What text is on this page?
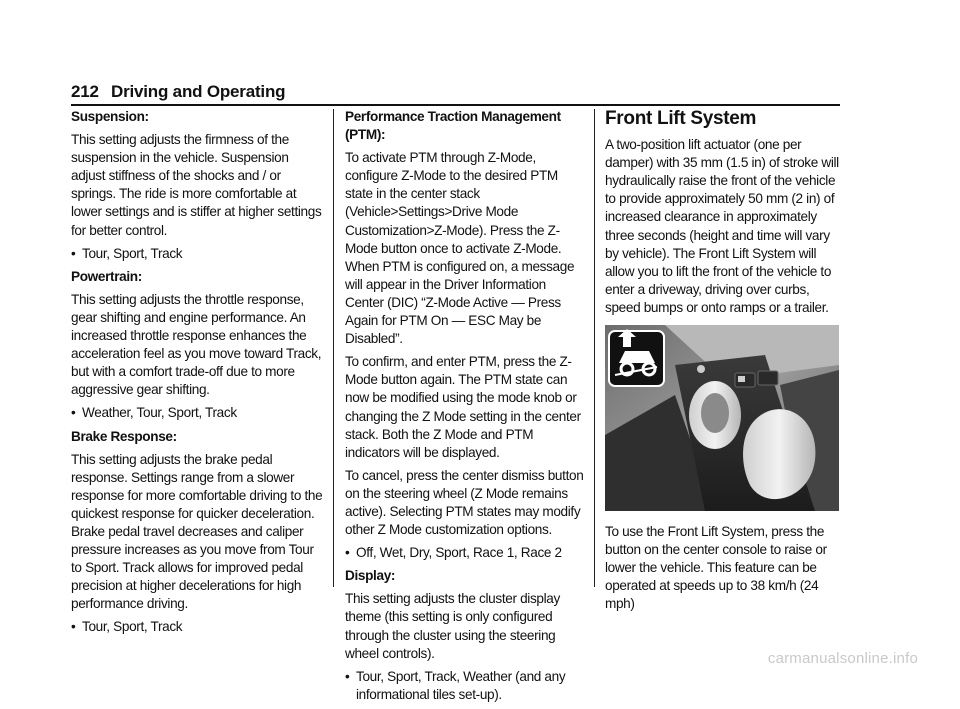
212 Driving and Operating

Suspension:

This setting adjusts the firmness of the suspension in the vehicle. Suspension adjust stiffness of the shocks and / or springs. The ride is more comfortable at lower settings and is stiffer at higher settings for better control.

• Tour, Sport, Track

Powertrain:

This setting adjusts the throttle response, gear shifting and engine performance. An increased throttle response enhances the acceleration feel as you move toward Track, but with a comfort trade-off due to more aggressive gear shifting.

• Weather, Tour, Sport, Track

Brake Response:

This setting adjusts the brake pedal response. Settings range from a slower response for more comfortable driving to the quickest response for quicker deceleration. Brake pedal travel decreases and caliper pressure increases as you move from Tour to Sport. Track allows for improved pedal precision at higher decelerations for high performance driving.

• Tour, Sport, Track

Performance Traction Management (PTM):

To activate PTM through Z-Mode, configure Z-Mode to the desired PTM state in the center stack (Vehicle>Settings>Drive Mode Customization>Z-Mode). Press the Z-Mode button once to activate Z-Mode. When PTM is configured on, a message will appear in the Driver Information Center (DIC) “Z-Mode Active — Press Again for PTM On — ESC May be Disabled”.

To confirm, and enter PTM, press the Z-Mode button again. The PTM state can now be modified using the mode knob or changing the Z Mode setting in the center stack. Both the Z Mode and PTM indicators will be displayed.

To cancel, press the center dismiss button on the steering wheel (Z Mode remains active). Selecting PTM states may modify other Z Mode customization options.

• Off, Wet, Dry, Sport, Race 1, Race 2

Display:

This setting adjusts the cluster display theme (this setting is only configured through the cluster using the steering wheel controls).

• Tour, Sport, Track, Weather (and any informational tiles set-up).

Front Lift System

A two-position lift actuator (one per damper) with 35 mm (1.5 in) of stroke will hydraulically raise the front of the vehicle to provide approximately 50 mm (2 in) of increased clearance in approximately three seconds (height and time will vary by vehicle). The Front Lift System will allow you to lift the front of the vehicle to enter a driveway, driving over curbs, speed bumps or onto ramps or a trailer.

To use the Front Lift System, press the button on the center console to raise or lower the vehicle. This feature can be operated at speeds up to 38 km/h (24 mph)

carmanualsonline.info
